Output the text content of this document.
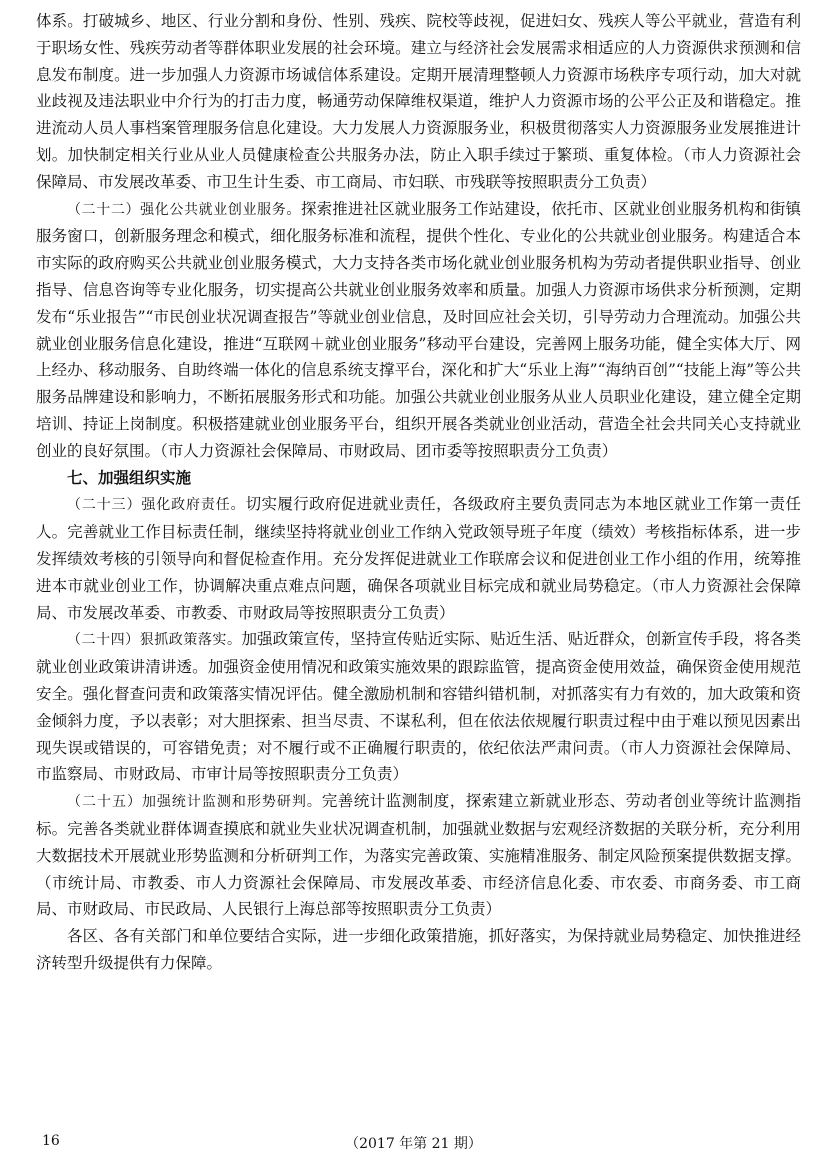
体系。打破城乡、地区、行业分割和身份、性别、残疾、院校等歧视，促进妇女、残疾人等公平就业，营造有利于职场女性、残疾劳动者等群体职业发展的社会环境。建立与经济社会发展需求相适应的人力资源供求预测和信息发布制度。进一步加强人力资源市场诚信体系建设。定期开展清理整顿人力资源市场秩序专项行动，加大对就业歧视及违法职业中介行为的打击力度，畅通劳动保障维权渠道，维护人力资源市场的公平公正及和谐稳定。推进流动人员人事档案管理服务信息化建设。大力发展人力资源服务业，积极贯彻落实人力资源服务业发展推进计划。加快制定相关行业从业人员健康检查公共服务办法，防止入职手续过于繁琐、重复体检。（市人力资源社会保障局、市发展改革委、市卫生计生委、市工商局、市妇联、市残联等按照职责分工负责）

（二十二）强化公共就业创业服务。探索推进社区就业服务工作站建设，依托市、区就业创业服务机构和街镇服务窗口，创新服务理念和模式，细化服务标准和流程，提供个性化、专业化的公共就业创业服务。构建适合本市实际的政府购买公共就业创业服务模式，大力支持各类市场化就业创业服务机构为劳动者提供职业指导、创业指导、信息咨询等专业化服务，切实提高公共就业创业服务效率和质量。加强人力资源市场供求分析预测，定期发布“乐业报告”“市民创业状况调查报告”等就业创业信息，及时回应社会关切，引导劳动力合理流动。加强公共就业创业服务信息化建设，推进“互联网＋就业创业服务”移动平台建设，完善网上服务功能，健全实体大厅、网上经办、移动服务、自助终端一体化的信息系统支撑平台，深化和扩大“乐业上海”“海纳百创”“技能上海”等公共服务品牌建设和影响力，不断拓展服务形式和功能。加强公共就业创业服务从业人员职业化建设，建立健全定期培训、持证上岗制度。积极搭建就业创业服务平台，组织开展各类就业创业活动，营造全社会共同关心支持就业创业的良好氛围。（市人力资源社会保障局、市财政局、团市委等按照职责分工负责）

七、加强组织实施

（二十三）强化政府责任。切实履行政府促进就业责任，各级政府主要负责同志为本地区就业工作第一责任人。完善就业工作目标责任制，继续坚持将就业创业工作纳入党政领导班子年度（绩效）考核指标体系，进一步发挥绩效考核的引领导向和督促检查作用。充分发挥促进就业工作联席会议和促进创业工作小组的作用，统筹推进本市就业创业工作，协调解决重点难点问题，确保各项就业目标完成和就业局势稳定。（市人力资源社会保障局、市发展改革委、市教委、市财政局等按照职责分工负责）

（二十四）狠抓政策落实。加强政策宣传，坚持宣传贴近实际、贴近生活、贴近群众，创新宣传手段，将各类就业创业政策讲清讲透。加强资金使用情况和政策实施效果的跟踪监管，提高资金使用效益，确保资金使用规范安全。强化督查问责和政策落实情况评估。健全激励机制和容错纠错机制，对抓落实有力有效的，加大政策和资金倾斜力度，予以表彰；对大胆探索、担当尽责、不谋私利，但在依法依规履行职责过程中由于难以预见因素出现失误或错误的，可容错免责；对不履行或不正确履行职责的，依纪依法严肃问责。（市人力资源社会保障局、市监察局、市财政局、市审计局等按照职责分工负责）

（二十五）加强统计监测和形势研判。完善统计监测制度，探索建立新就业形态、劳动者创业等统计监测指标。完善各类就业群体调查摸底和就业失业状况调查机制，加强就业数据与宏观经济数据的关联分析，充分利用大数据技术开展就业形势监测和分析研判工作，为落实完善政策、实施精准服务、制定风险预案提供数据支撑。（市统计局、市教委、市人力资源社会保障局、市发展改革委、市经济信息化委、市农委、市商务委、市工商局、市财政局、市民政局、人民银行上海总部等按照职责分工负责）

各区、各有关部门和单位要结合实际，进一步细化政策措施，抓好落实，为保持就业局势稳定、加快推进经济转型升级提供有力保障。

16	（2017 年第 21 期）
